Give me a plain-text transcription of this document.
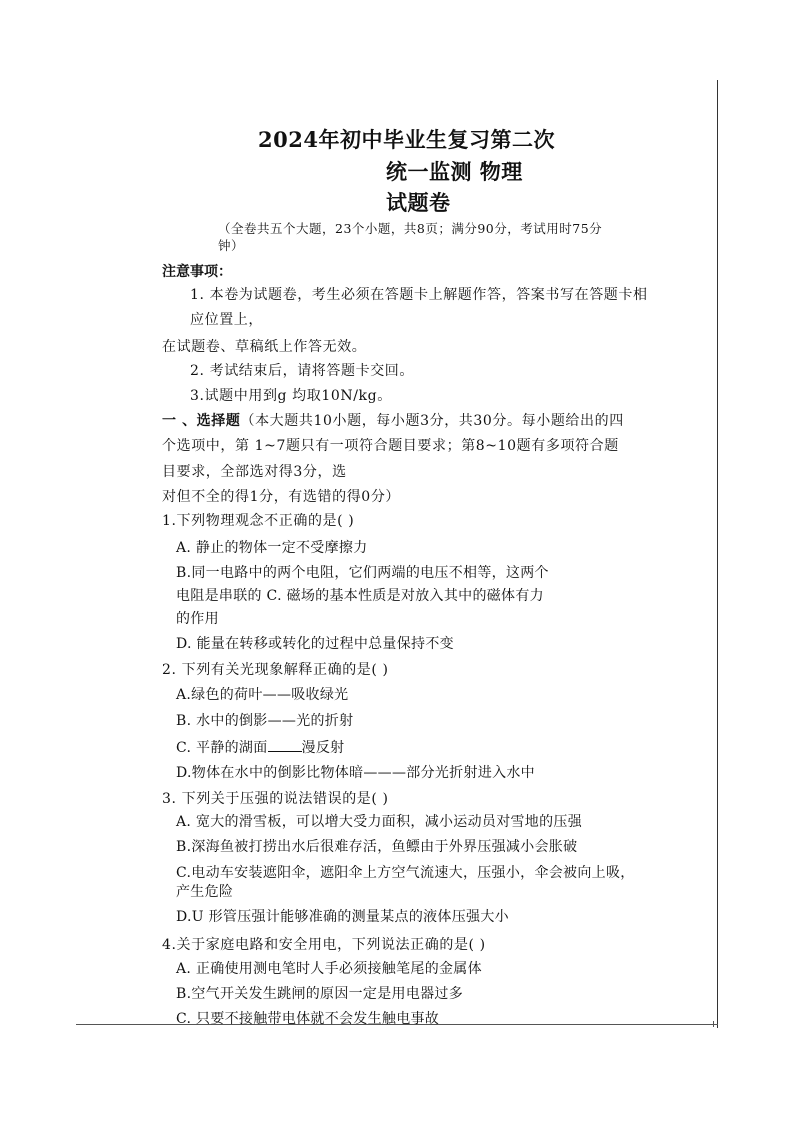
2024年初中毕业生复习第二次
统一监测 物理
试题卷
（全卷共五个大题，23个小题，共8页；满分90分，考试用时75分
钟）
注意事项：
1. 本卷为试题卷，考生必须在答题卡上解题作答，答案书写在答题卡相
应位置上，
在试题卷、草稿纸上作答无效。
2. 考试结束后，请将答题卡交回。
3.试题中用到g 均取10N/kg。
一 、选择题（本大题共10小题，每小题3分，共30分。每小题给出的四
个选项中，第 1~7题只有一项符合题目要求；第8~10题有多项符合题
目要求，全部选对得3分，选
对但不全的得1分，有选错的得0分）
1.下列物理观念不正确的是( )
A. 静止的物体一定不受摩擦力
B.同一电路中的两个电阻，它们两端的电压不相等，这两个
电阻是串联的 C. 磁场的基本性质是对放入其中的磁体有力
的作用
D. 能量在转移或转化的过程中总量保持不变
2. 下列有关光现象解释正确的是( )
A.绿色的荷叶——吸收绿光
B. 水中的倒影——光的折射
C. 平静的湖面 漫反射
D.物体在水中的倒影比物体暗———部分光折射进入水中
3. 下列关于压强的说法错误的是( )
A. 宽大的滑雪板，可以增大受力面积，减小运动员对雪地的压强
B.深海鱼被打捞出水后很难存活，鱼鳔由于外界压强减小会胀破
C.电动车安装遮阳伞，遮阳伞上方空气流速大，压强小，伞会被向上吸，
产生危险
D.U 形管压强计能够准确的测量某点的液体压强大小
4.关于家庭电路和安全用电，下列说法正确的是( )
A. 正确使用测电笔时人手必须接触笔尾的金属体
B.空气开关发生跳闸的原因一定是用电器过多
C. 只要不接触带电体就不会发生触电事故
